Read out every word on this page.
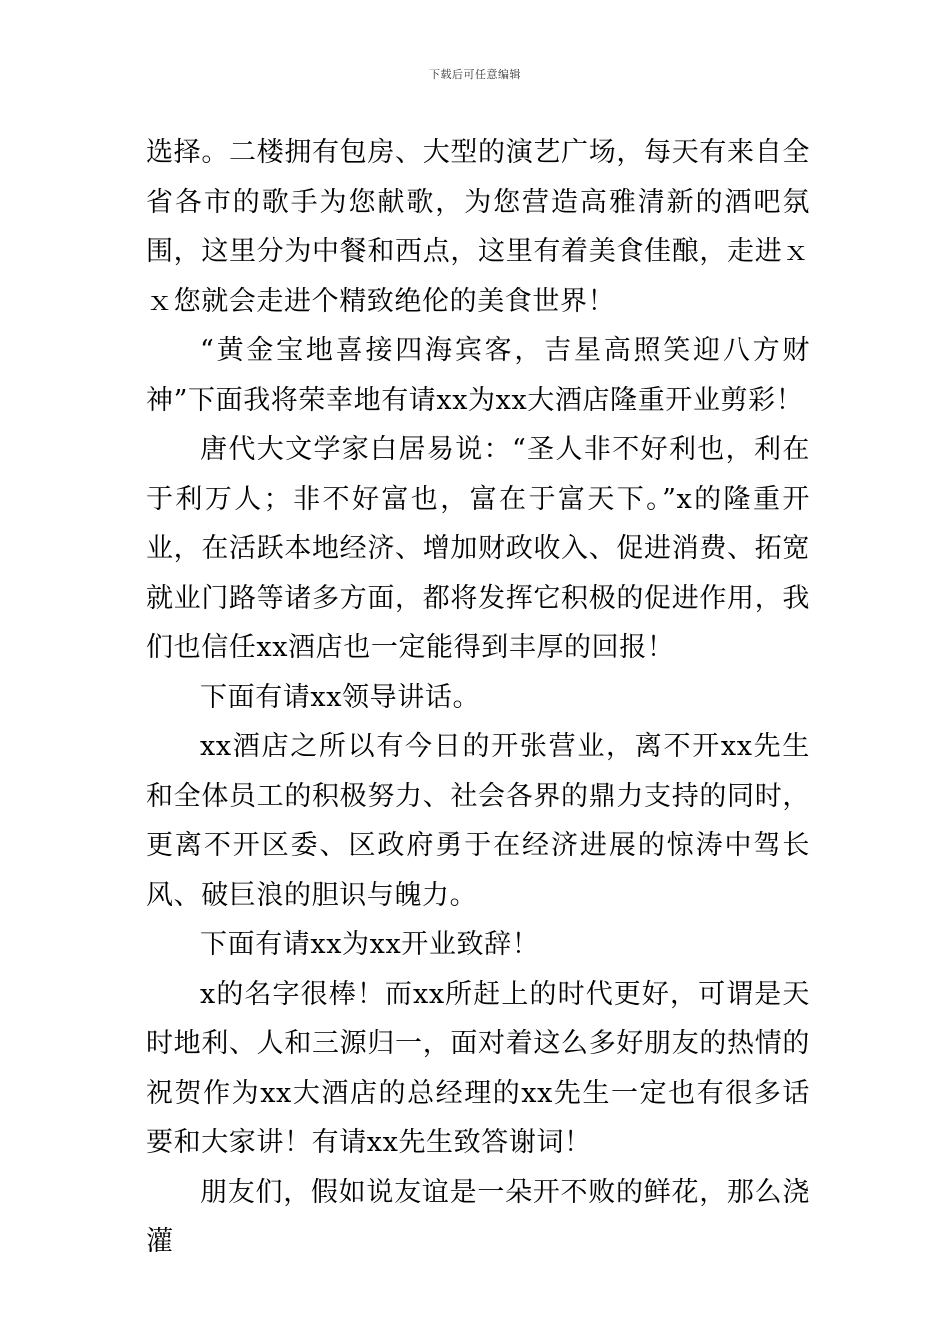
下载后可任意编辑

选择。二楼拥有包房、大型的演艺广场，每天有来自全省各市的歌手为您献歌，为您营造高雅清新的酒吧氛围，这里分为中餐和西点，这里有着美食佳酿，走进ｘｘ您就会走进个精致绝伦的美食世界！

“黄金宝地喜接四海宾客，吉星高照笑迎八方财神”下面我将荣幸地有请xx为xx大酒店隆重开业剪彩！

唐代大文学家白居易说：“圣人非不好利也，利在于利万人；非不好富也，富在于富天下。”x的隆重开业，在活跃本地经济、增加财政收入、促进消费、拓宽就业门路等诸多方面，都将发挥它积极的促进作用，我们也信任xx酒店也一定能得到丰厚的回报！

下面有请xx领导讲话。

xx酒店之所以有今日的开张营业，离不开xx先生和全体员工的积极努力、社会各界的鼎力支持的同时，更离不开区委、区政府勇于在经济进展的惊涛中驾长风、破巨浪的胆识与魄力。

下面有请xx为xx开业致辞！

x的名字很棒！而xx所赶上的时代更好，可谓是天时地利、人和三源归一，面对着这么多好朋友的热情的祝贺作为xx大酒店的总经理的xx先生一定也有很多话要和大家讲！有请xx先生致答谢词！

朋友们，假如说友谊是一朵开不败的鲜花，那么浇灌
